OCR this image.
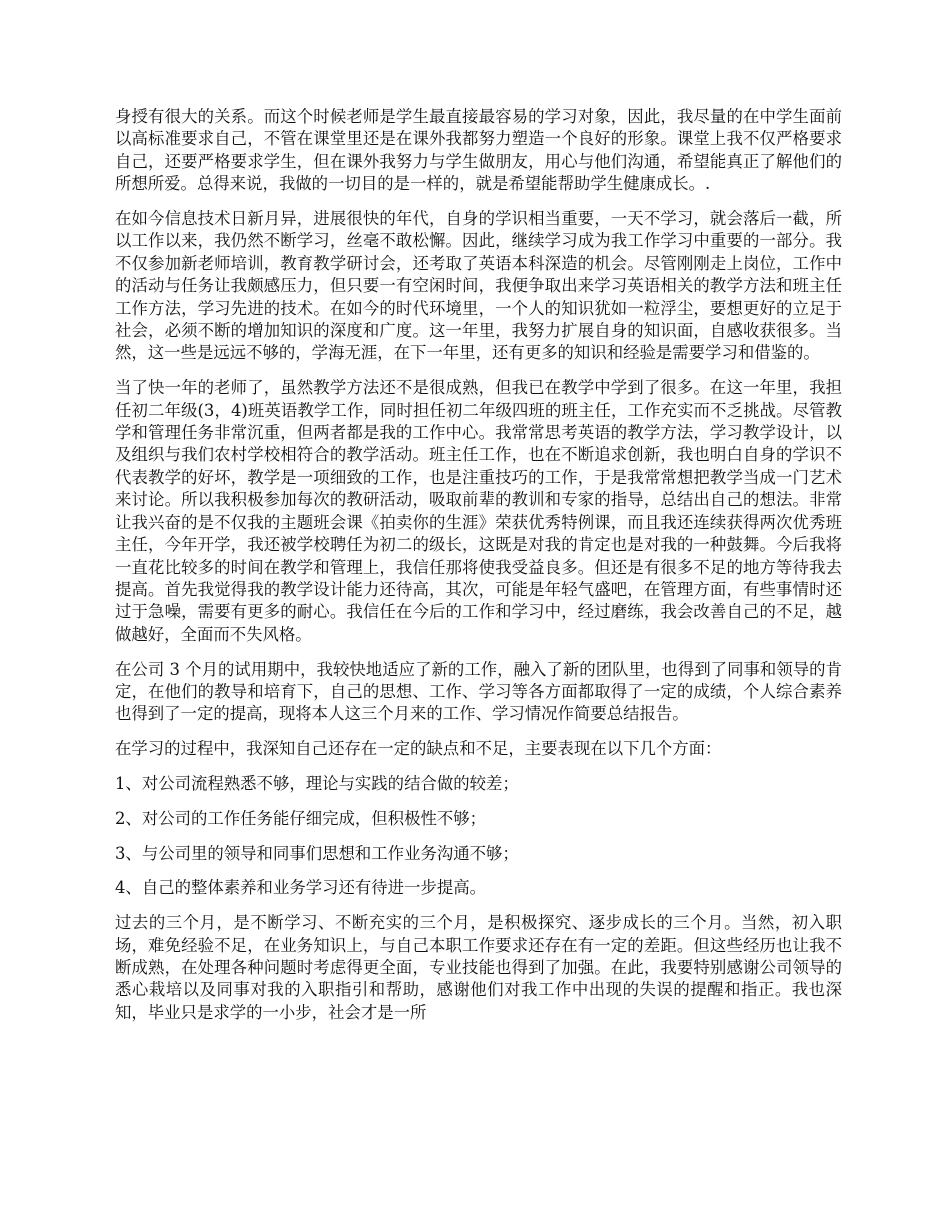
身授有很大的关系。而这个时候老师是学生最直接最容易的学习对象，因此，我尽量的在中学生面前以高标准要求自己，不管在课堂里还是在课外我都努力塑造一个良好的形象。课堂上我不仅严格要求自己，还要严格要求学生，但在课外我努力与学生做朋友，用心与他们沟通，希望能真正了解他们的所想所爱。总得来说，我做的一切目的是一样的，就是希望能帮助学生健康成长。.

在如今信息技术日新月异，进展很快的年代，自身的学识相当重要，一天不学习，就会落后一截，所以工作以来，我仍然不断学习，丝毫不敢松懈。因此，继续学习成为我工作学习中重要的一部分。我不仅参加新老师培训，教育教学研讨会，还考取了英语本科深造的机会。尽管刚刚走上岗位，工作中的活动与任务让我颇感压力，但只要一有空闲时间，我便争取出来学习英语相关的教学方法和班主任工作方法，学习先进的技术。在如今的时代环境里，一个人的知识犹如一粒浮尘，要想更好的立足于社会，必须不断的增加知识的深度和广度。这一年里，我努力扩展自身的知识面，自感收获很多。当然，这一些是远远不够的，学海无涯，在下一年里，还有更多的知识和经验是需要学习和借鉴的。

当了快一年的老师了，虽然教学方法还不是很成熟，但我已在教学中学到了很多。在这一年里，我担任初二年级(3，4)班英语教学工作，同时担任初二年级四班的班主任，工作充实而不乏挑战。尽管教学和管理任务非常沉重，但两者都是我的工作中心。我常常思考英语的教学方法，学习教学设计，以及组织与我们农村学校相符合的教学活动。班主任工作，也在不断追求创新，我也明白自身的学识不代表教学的好坏，教学是一项细致的工作，也是注重技巧的工作，于是我常常想把教学当成一门艺术来讨论。所以我积极参加每次的教研活动，吸取前辈的教训和专家的指导，总结出自己的想法。非常让我兴奋的是不仅我的主题班会课《拍卖你的生涯》荣获优秀特例课，而且我还连续获得两次优秀班主任，今年开学，我还被学校聘任为初二的级长，这既是对我的肯定也是对我的一种鼓舞。今后我将一直花比较多的时间在教学和管理上，我信任那将使我受益良多。但还是有很多不足的地方等待我去提高。首先我觉得我的教学设计能力还待高，其次，可能是年轻气盛吧，在管理方面，有些事情时还过于急噪，需要有更多的耐心。我信任在今后的工作和学习中，经过磨练，我会改善自己的不足，越做越好，全面而不失风格。

在公司 3 个月的试用期中，我较快地适应了新的工作，融入了新的团队里，也得到了同事和领导的肯定，在他们的教导和培育下，自己的思想、工作、学习等各方面都取得了一定的成绩，个人综合素养也得到了一定的提高，现将本人这三个月来的工作、学习情况作简要总结报告。

在学习的过程中，我深知自己还存在一定的缺点和不足，主要表现在以下几个方面：

1、对公司流程熟悉不够，理论与实践的结合做的较差；

2、对公司的工作任务能仔细完成，但积极性不够；

3、与公司里的领导和同事们思想和工作业务沟通不够；

4、自己的整体素养和业务学习还有待进一步提高。

过去的三个月，是不断学习、不断充实的三个月，是积极探究、逐步成长的三个月。当然，初入职场，难免经验不足，在业务知识上，与自己本职工作要求还存在有一定的差距。但这些经历也让我不断成熟，在处理各种问题时考虑得更全面，专业技能也得到了加强。在此，我要特别感谢公司领导的悉心栽培以及同事对我的入职指引和帮助，感谢他们对我工作中出现的失误的提醒和指正。我也深知，毕业只是求学的一小步，社会才是一所
